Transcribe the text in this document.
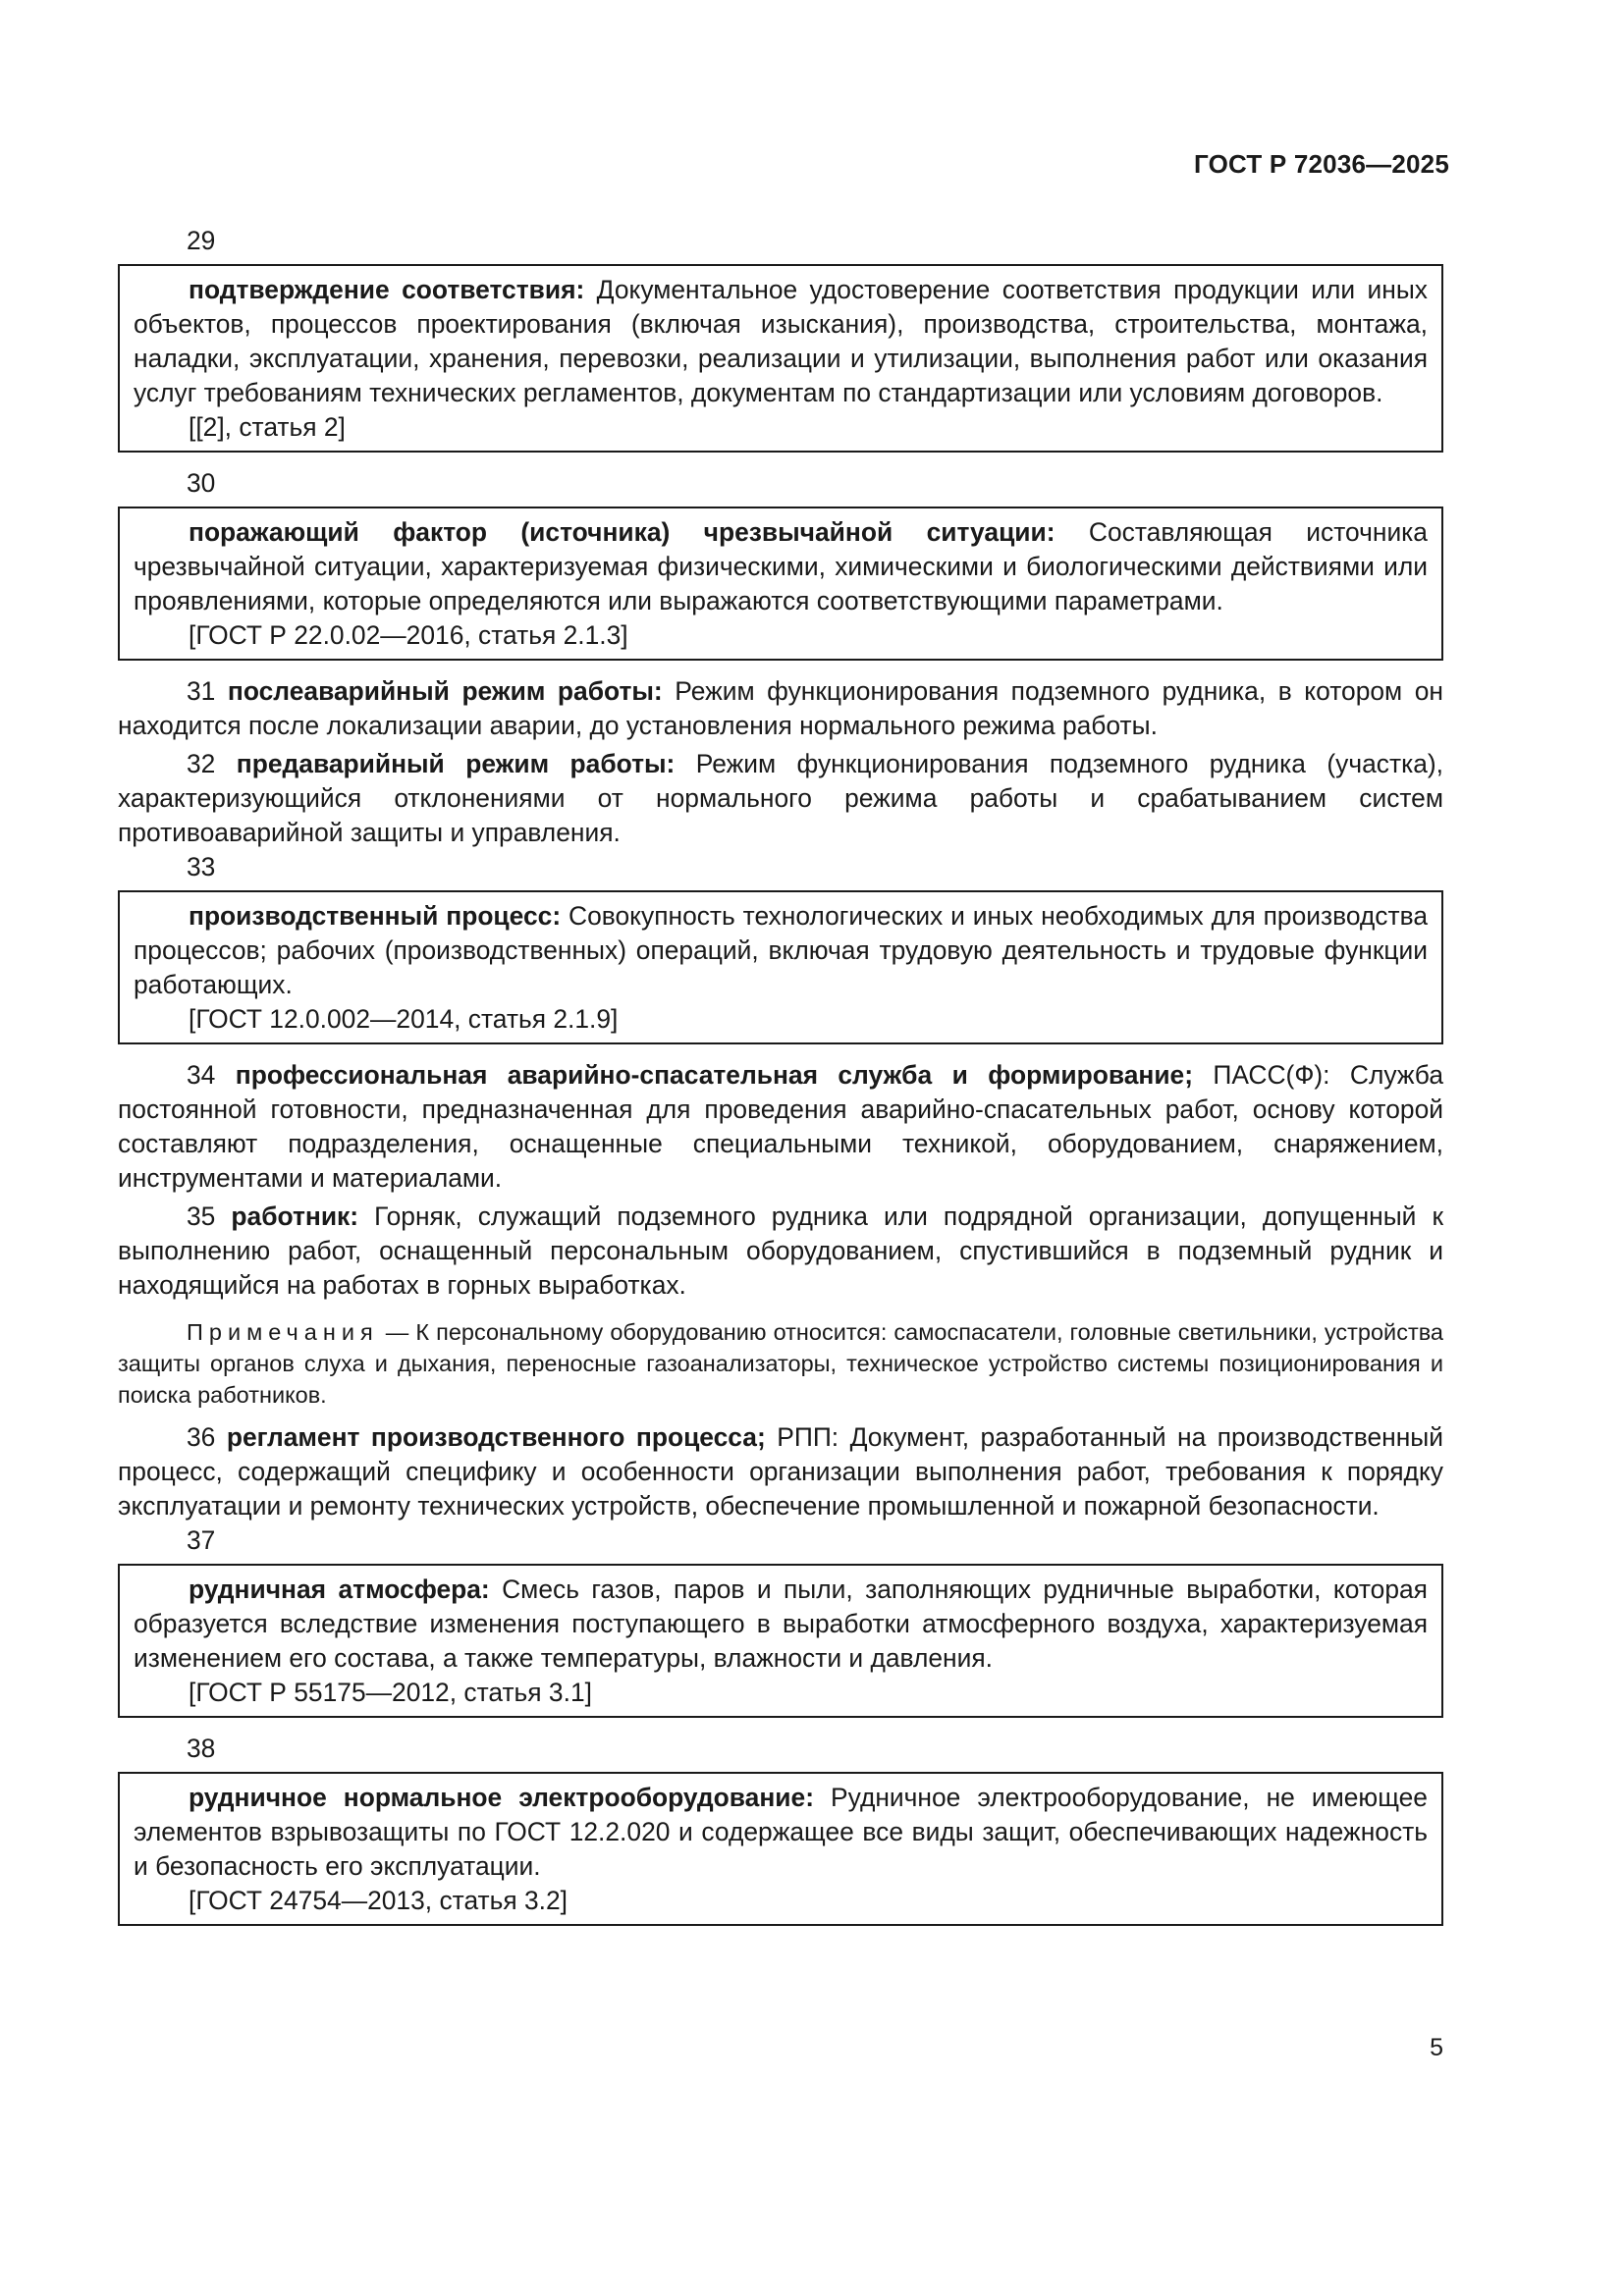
ГОСТ Р 72036—2025

29

подтверждение соответствия: Документальное удостоверение соответствия продукции или иных объектов, процессов проектирования (включая изыскания), производства, строительства, монтажа, наладки, эксплуатации, хранения, перевозки, реализации и утилизации, выполнения работ или оказания услуг требованиям технических регламентов, документам по стандартизации или условиям договоров.

[[2], статья 2]

30

поражающий фактор (источника) чрезвычайной ситуации: Составляющая источника чрезвычайной ситуации, характеризуемая физическими, химическими и биологическими действиями или проявлениями, которые определяются или выражаются соответствующими параметрами.

[ГОСТ Р 22.0.02—2016, статья 2.1.3]

31 послеаварийный режим работы: Режим функционирования подземного рудника, в котором он находится после локализации аварии, до установления нормального режима работы.

32 предаварийный режим работы: Режим функционирования подземного рудника (участка), характеризующийся отклонениями от нормального режима работы и срабатыванием систем противоаварийной защиты и управления.

33

производственный процесс: Совокупность технологических и иных необходимых для производства процессов; рабочих (производственных) операций, включая трудовую деятельность и трудовые функции работающих.

[ГОСТ 12.0.002—2014, статья 2.1.9]

34 профессиональная аварийно-спасательная служба и формирование; ПАСС(Ф): Служба постоянной готовности, предназначенная для проведения аварийно-спасательных работ, основу которой составляют подразделения, оснащенные специальными техникой, оборудованием, снаряжением, инструментами и материалами.

35 работник: Горняк, служащий подземного рудника или подрядной организации, допущенный к выполнению работ, оснащенный персональным оборудованием, спустившийся в подземный рудник и находящийся на работах в горных выработках.

Примечания — К персональному оборудованию относится: самоспасатели, головные светильники, устройства защиты органов слуха и дыхания, переносные газоанализаторы, техническое устройство системы позиционирования и поиска работников.

36 регламент производственного процесса; РПП: Документ, разработанный на производственный процесс, содержащий специфику и особенности организации выполнения работ, требования к порядку эксплуатации и ремонту технических устройств, обеспечение промышленной и пожарной безопасности.

37

рудничная атмосфера: Смесь газов, паров и пыли, заполняющих рудничные выработки, которая образуется вследствие изменения поступающего в выработки атмосферного воздуха, характеризуемая изменением его состава, а также температуры, влажности и давления.

[ГОСТ Р 55175—2012, статья 3.1]

38

рудничное нормальное электрооборудование: Рудничное электрооборудование, не имеющее элементов взрывозащиты по ГОСТ 12.2.020 и содержащее все виды защит, обеспечивающих надежность и безопасность его эксплуатации.

[ГОСТ 24754—2013, статья 3.2]

5
